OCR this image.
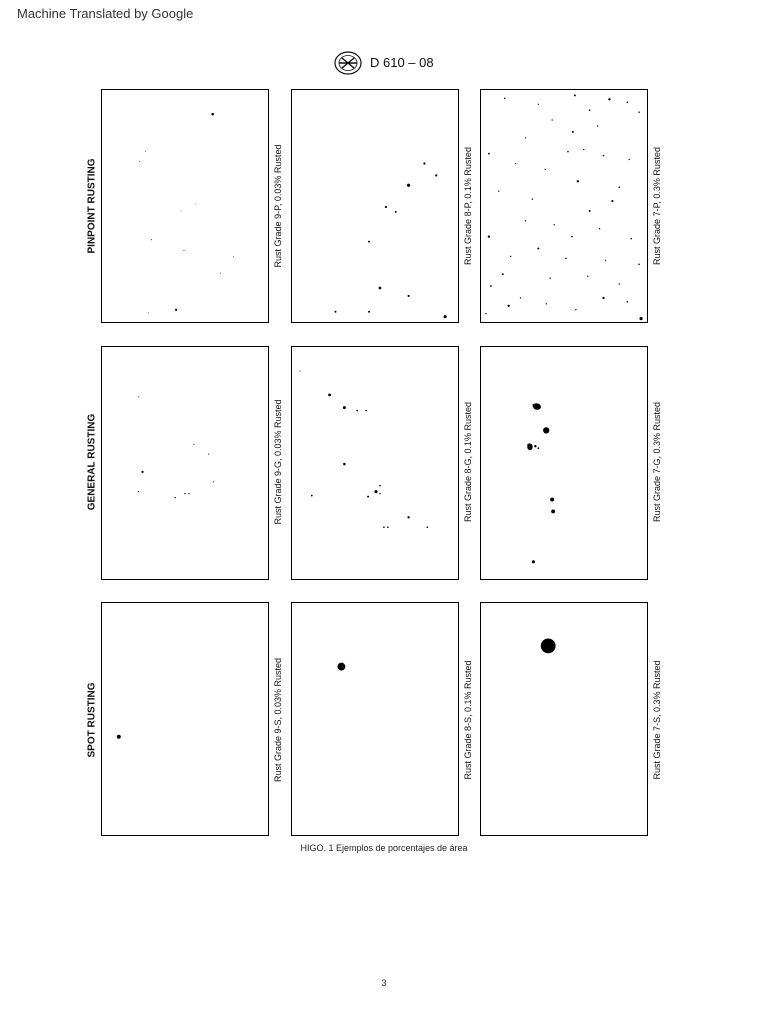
Machine Translated by Google
D 610 – 08
PINPOINT RUSTING
GENERAL RUSTING
SPOT RUSTING
Rust Grade 9-P, 0.03% Rusted	Rust Grade 8-P, 0.1% Rusted	Rust Grade 7-P, 0.3% Rusted
Rust Grade 9-G, 0.03% Rusted	Rust Grade 8-G, 0.1% Rusted	Rust Grade 7-G, 0.3% Rusted
Rust Grade 9-S, 0.03% Rusted	Rust Grade 8-S, 0.1% Rusted	Rust Grade 7-S, 0.3% Rusted
HIGO. 1 Ejemplos de porcentajes de área
3
